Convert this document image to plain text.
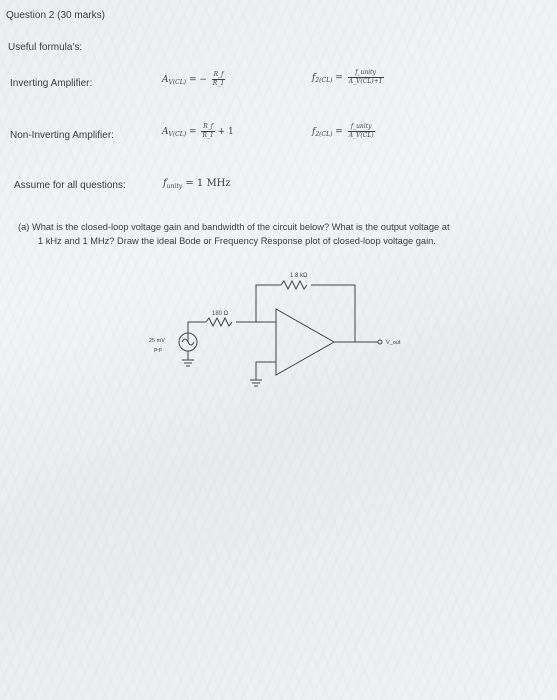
Question 2 (30 marks)
Useful formula's:
Inverting Amplifier:	$A_{V(CL)}$ = − $\frac{R\_f}{R\_1}$	$f_{2(CL)} = \frac{\text{f\_unity}}{A\_V(CL)+1}$
Non-Inverting Amplifier:	$A_{V(CL)} = \frac{R\_f}{R\_1} + 1$	$f_{2(CL)} = \frac{\text{f\_unity}}{A\_V(CL)}$
Assume for all questions:	$f_{unity} = 1$ MHz
(a) What is the closed-loop voltage gain and bandwidth of the circuit below? What is the output voltage at
1 kHz and 1 MHz? Draw the ideal Bode or Frequency Response plot of closed-loop voltage gain.
1.8 kΩ
180 Ω
25 mV
p-p
V_out
